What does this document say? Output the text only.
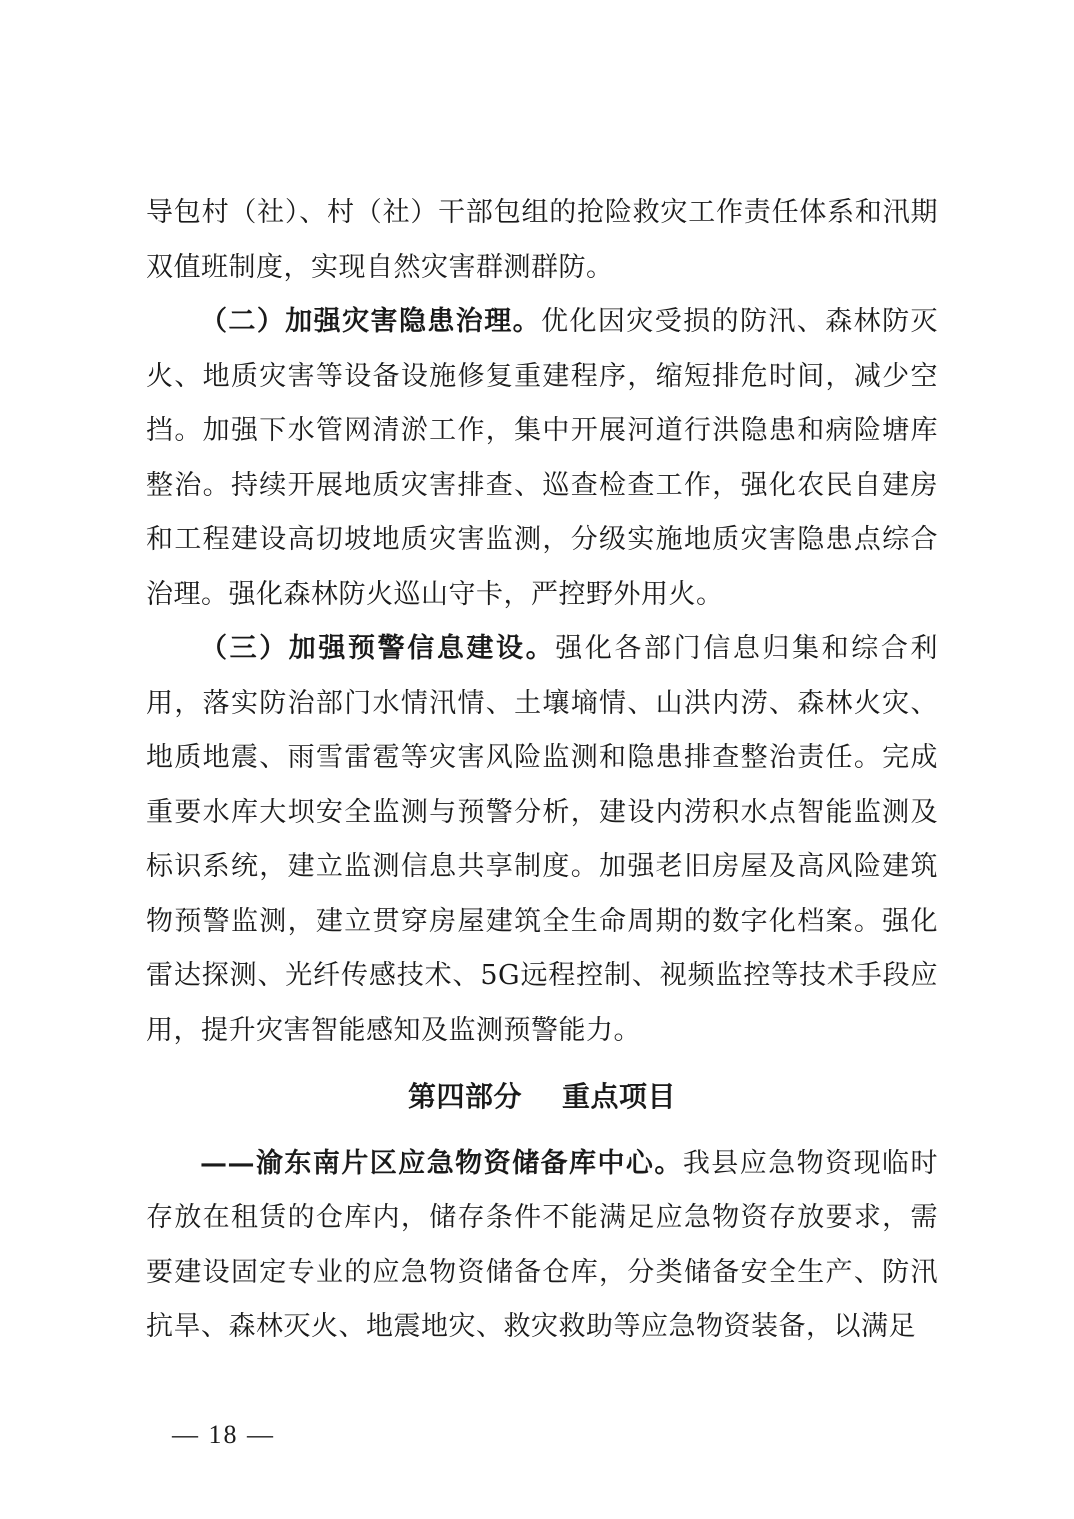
导包村（社）、村（社）干部包组的抢险救灾工作责任体系和汛期双值班制度，实现自然灾害群测群防。

（二）加强灾害隐患治理。优化因灾受损的防汛、森林防灭火、地质灾害等设备设施修复重建程序，缩短排危时间，减少空挡。加强下水管网清淤工作，集中开展河道行洪隐患和病险塘库整治。持续开展地质灾害排查、巡查检查工作，强化农民自建房和工程建设高切坡地质灾害监测，分级实施地质灾害隐患点综合治理。强化森林防火巡山守卡，严控野外用火。

（三）加强预警信息建设。强化各部门信息归集和综合利用，落实防治部门水情汛情、土壤墒情、山洪内涝、森林火灾、地质地震、雨雪雷雹等灾害风险监测和隐患排查整治责任。完成重要水库大坝安全监测与预警分析，建设内涝积水点智能监测及标识系统，建立监测信息共享制度。加强老旧房屋及高风险建筑物预警监测，建立贯穿房屋建筑全生命周期的数字化档案。强化雷达探测、光纤传感技术、5G远程控制、视频监控等技术手段应用，提升灾害智能感知及监测预警能力。

第四部分 重点项目

——渝东南片区应急物资储备库中心。我县应急物资现临时存放在租赁的仓库内，储存条件不能满足应急物资存放要求，需要建设固定专业的应急物资储备仓库，分类储备安全生产、防汛抗旱、森林灭火、地震地灾、救灾救助等应急物资装备，以满足

— 18 —
